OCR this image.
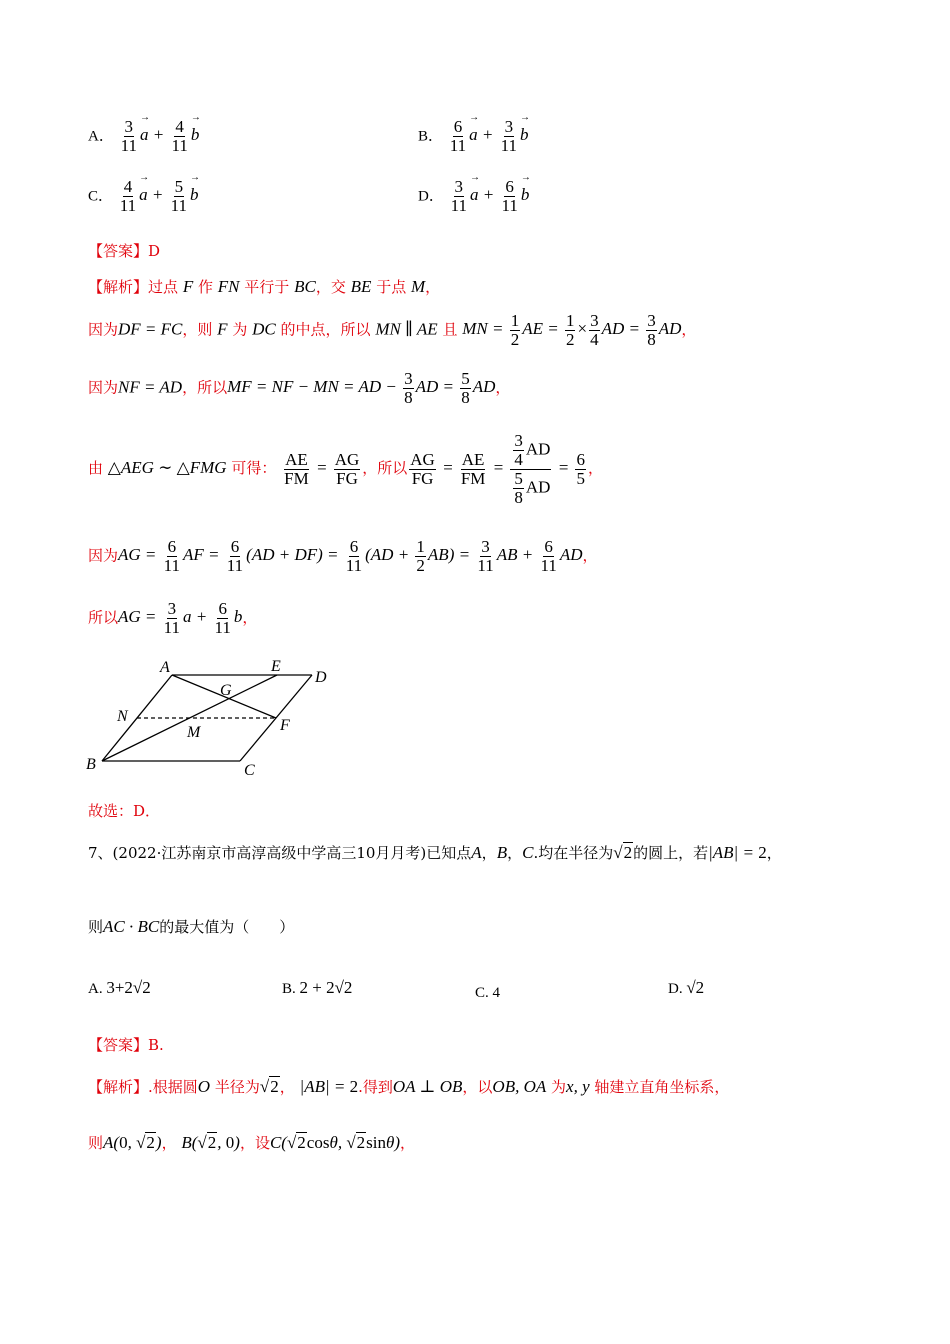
A． $\frac{3}{11}$
→ $a + \frac{4}{11}$
→ b	B． $\frac{6}{11}$
→ $a + \frac{3}{11}$
→ b
C． $\frac{4}{11}$
→ $a + \frac{5}{11}$
→ b	D． $\frac{3}{11}$
→ $a + \frac{6}{11}$
→ b
【答案】D
【解析】过点 F 作 FN 平行于 BC，交 BE 于点 M，
因为DF = FC，则 F 为 DC 的中点，所以 MN ∥ AE 且 MN = $\frac{1}{2}$ AE = $\frac{1}{2} \times \frac{3}{4}$ AD = $\frac{3}{8}$ AD，
因为NF = AD，所以MF = NF − MN = AD − $\frac{3}{8}$ AD = $\frac{5}{8}$ AD，
由 △AEG ∼ △FMG 可得： $\frac{AE}{FM} = \frac{AG}{FG}$ ，所以 $\frac{AG}{FG} = \frac{AE}{FM} = \frac{\frac{3}{4} AD}{\frac{5}{8} AD} = \frac{6}{5}$ ，
因为AG = $\frac{6}{11}$ AF = $\frac{6}{11} (AD + DF) = \frac{6}{11} (AD + \frac{1}{2} AB) = \frac{3}{11}$ AB + $\frac{6}{11}$ AD，
所以AG = $\frac{3}{11}$ $a + \frac{6}{11}$ b，
A	E
D
G
N
F
M
B	C
故选：D．
7、(2022·江苏南京市高淳高级中学高三10月月考)已知点A，B，C.均在半径为√2的圆上，若|AB| = 2，
则AC · BC的最大值为（　　）
A. 3+2√2	B. 2 + 2√2	C. 4	D. √2
【答案】B.
【解析】.根据圆O 半径为√2， |AB| = 2.得到OA ⊥ OB，以OB, OA 为x, y 轴建立直角坐标系，
则A(0, √2)， B(√2, 0)，设C(√2cosθ, √2sinθ)，
